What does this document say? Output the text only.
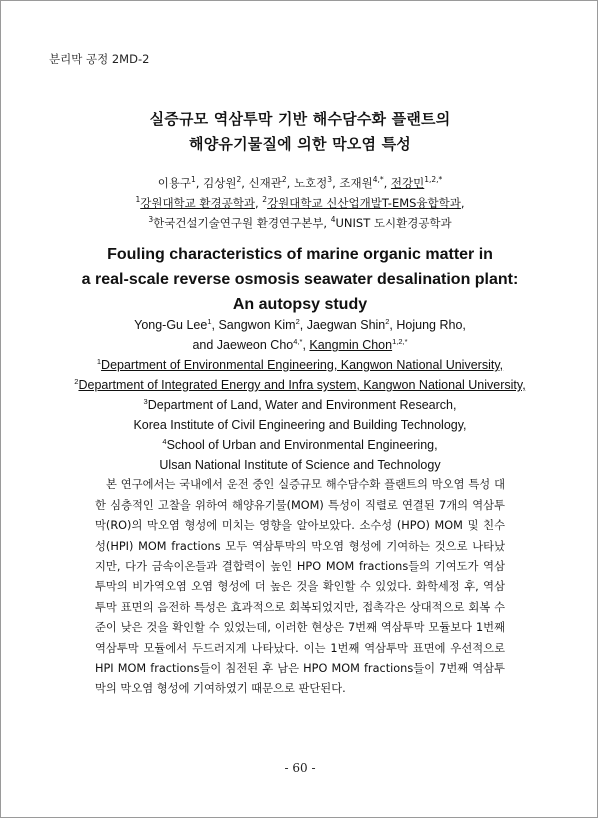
분리막 공정 2MD-2
실증규모 역삼투막 기반 해수담수화 플랜트의
해양유기물질에 의한 막오염 특성
이용구$^1$, 김상원$^2$, 신재관$^2$, 노호정$^3$, 조재원$^{4,*}$, 전강민$^{1,2,*}$
$^1$강원대학교 환경공학과, $^2$강원대학교 신산업개발T-EMS융합학과,
$^3$한국건설기술연구원 환경연구본부, $^4$UNIST 도시환경공학과
Fouling characteristics of marine organic matter in
a real-scale reverse osmosis seawater desalination plant:
An autopsy study
Yong-Gu Lee$^1$, Sangwon Kim$^2$, Jaegwan Shin$^2$, Hojung Rho,
and Jaeweon Cho$^{4,*}$, Kangmin Chon$^{1,2,*}$
$^1$Department of Environmental Engineering, Kangwon National University,
$^2$Department of Integrated Energy and Infra system, Kangwon National University,
$^3$Department of Land, Water and Environment Research,
Korea Institute of Civil Engineering and Building Technology,
$^4$School of Urban and Environmental Engineering,
Ulsan National Institute of Science and Technology

본 연구에서는 국내에서 운전 중인 실증규모 해수담수화 플랜트의 막오염 특성 대한 심층적인 고찰을 위하여 해양유기물(MOM) 특성이 직렬로 연결된 7개의 역삼투막(RO)의 막오염 형성에 미치는 영향을 알아보았다. 소수성 (HPO) MOM 및 친수성(HPI) MOM fractions 모두 역삼투막의 막오염 형성에 기여하는 것으로 나타났지만, 다가 금속이온들과 결합력이 높인 HPO MOM fractions들의 기여도가 역삼투막의 비가역오염 오염 형성에 더 높은 것을 확인할 수 있었다. 화학세정 후, 역삼투막 표면의 음전하 특성은 효과적으로 회복되었지만, 접촉각은 상대적으로 회복 수준이 낮은 것을 확인할 수 있었는데, 이러한 현상은 7번째 역삼투막 모듈보다 1번째 역삼투막 모듈에서 두드러지게 나타났다. 이는 1번째 역삼투막 표면에 우선적으로 HPI MOM fractions들이 침전된 후 남은 HPO MOM fractions들이 7번째 역삼투막의 막오염 형성에 기여하였기 때문으로 판단된다.

- 60 -
